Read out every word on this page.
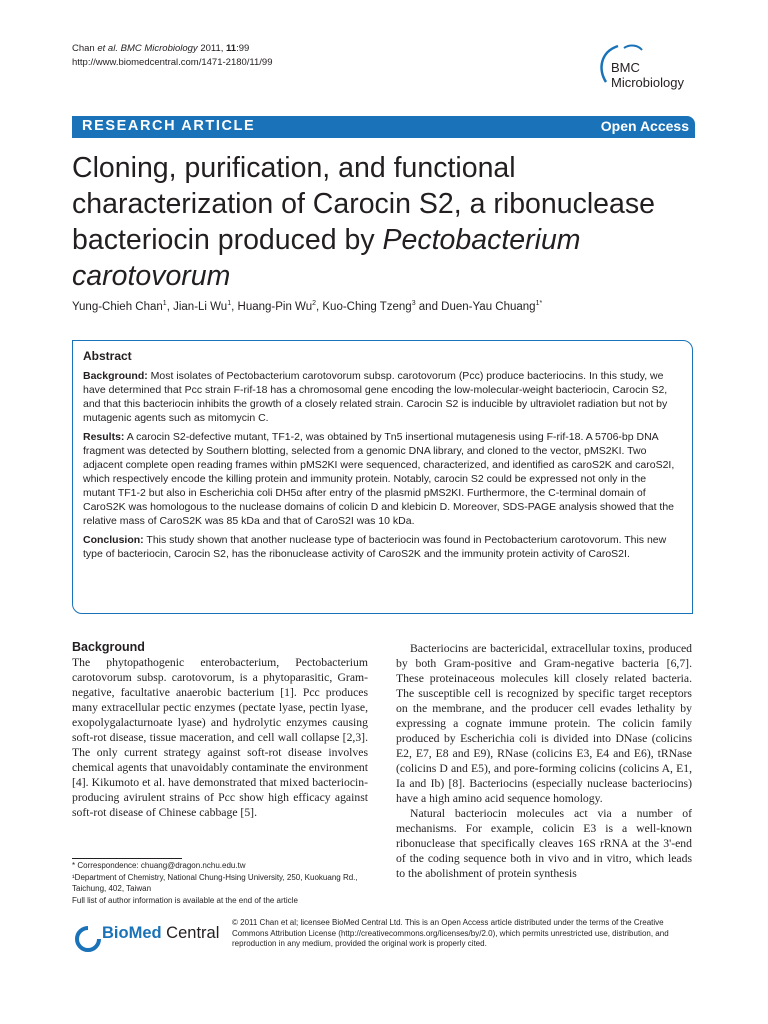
Chan et al. BMC Microbiology 2011, 11:99
http://www.biomedcentral.com/1471-2180/11/99	BMC
Microbiology
RESEARCH ARTICLE	Open Access
Cloning, purification, and functional
characterization of Carocin S2, a ribonuclease
bacteriocin produced by Pectobacterium
carotovorum
Yung-Chieh Chan$^1$, Jian-Li Wu$^1$, Huang-Pin Wu$^2$, Kuo-Ching Tzeng$^3$ and Duen-Yau Chuang$^{1*}$
Abstract

Background: Most isolates of Pectobacterium carotovorum subsp. carotovorum (Pcc) produce bacteriocins. In this study, we have determined that Pcc strain F-rif-18 has a chromosomal gene encoding the low-molecular-weight bacteriocin, Carocin S2, and that this bacteriocin inhibits the growth of a closely related strain. Carocin S2 is inducible by ultraviolet radiation but not by mutagenic agents such as mitomycin C.

Results: A carocin S2-defective mutant, TF1-2, was obtained by Tn5 insertional mutagenesis using F-rif-18. A 5706-bp DNA fragment was detected by Southern blotting, selected from a genomic DNA library, and cloned to the vector, pMS2KI. Two adjacent complete open reading frames within pMS2KI were sequenced, characterized, and identified as caroS2K and caroS2I, which respectively encode the killing protein and immunity protein. Notably, carocin S2 could be expressed not only in the mutant TF1-2 but also in Escherichia coli DH5α after entry of the plasmid pMS2KI. Furthermore, the C-terminal domain of CaroS2K was homologous to the nuclease domains of colicin D and klebicin D. Moreover, SDS-PAGE analysis showed that the relative mass of CaroS2K was 85 kDa and that of CaroS2I was 10 kDa.

Conclusion: This study shown that another nuclease type of bacteriocin was found in Pectobacterium carotovorum. This new type of bacteriocin, Carocin S2, has the ribonuclease activity of CaroS2K and the immunity protein activity of CaroS2I.

Background

The phytopathogenic enterobacterium, Pectobacterium carotovorum subsp. carotovorum, is a phytoparasitic, Gram-negative, facultative anaerobic bacterium [1]. Pcc produces many extracellular pectic enzymes (pectate lyase, pectin lyase, exopolygalacturnoate lyase) and hydrolytic enzymes causing soft-rot disease, tissue maceration, and cell wall collapse [2,3]. The only current strategy against soft-rot disease involves chemical agents that unavoidably contaminate the environment [4]. Kikumoto et al. have demonstrated that mixed bacteriocin-producing avirulent strains of Pcc show high efficacy against soft-rot disease of Chinese cabbage [5].

Bacteriocins are bactericidal, extracellular toxins, produced by both Gram-positive and Gram-negative bacteria [6,7]. These proteinaceous molecules kill closely related bacteria. The susceptible cell is recognized by specific target receptors on the membrane, and the producer cell evades lethality by expressing a cognate immune protein. The colicin family produced by Escherichia coli is divided into DNase (colicins E2, E7, E8 and E9), RNase (colicins E3, E4 and E6), tRNase (colicins D and E5), and pore-forming colicins (colicins A, E1, Ia and Ib) [8]. Bacteriocins (especially nuclease bacteriocins) have a high amino acid sequence homology.

Natural bacteriocin molecules act via a number of mechanisms. For example, colicin E3 is a well-known ribonuclease that specifically cleaves 16S rRNA at the 3'-end of the coding sequence both in vivo and in vitro, which leads to the abolishment of protein synthesis

* Correspondence: chuang@dragon.nchu.edu.tw

¹Department of Chemistry, National Chung-Hsing University, 250, Kuokuang Rd., Taichung, 402, Taiwan

Full list of author information is available at the end of the article

BioMed Central
© 2011 Chan et al; licensee BioMed Central Ltd. This is an Open Access article distributed under the terms of the Creative Commons Attribution License (http://creativecommons.org/licenses/by/2.0), which permits unrestricted use, distribution, and reproduction in any medium, provided the original work is properly cited.
